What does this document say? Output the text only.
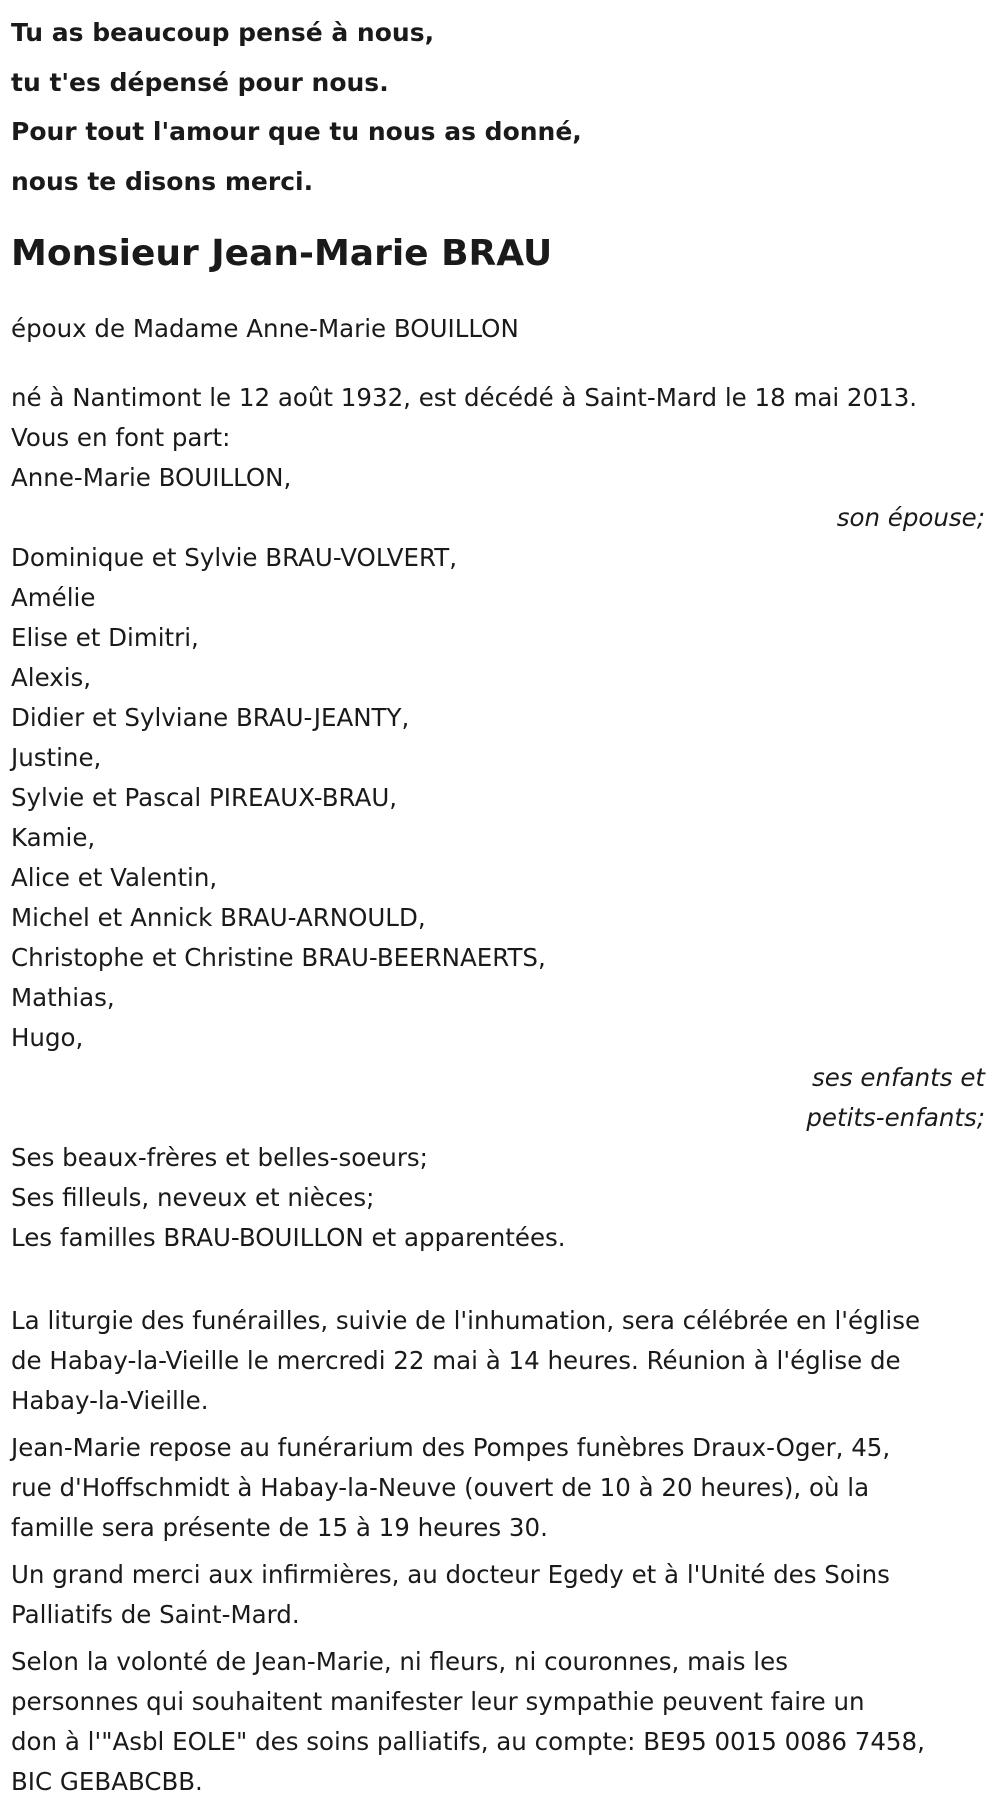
Tu as beaucoup pensé à nous,
tu t'es dépensé pour nous.
Pour tout l'amour que tu nous as donné,
nous te disons merci.
Monsieur Jean-Marie BRAU
époux de Madame Anne-Marie BOUILLON
né à Nantimont le 12 août 1932, est décédé à Saint-Mard le 18 mai 2013.
Vous en font part:
Anne-Marie BOUILLON,
son épouse;
Dominique et Sylvie BRAU-VOLVERT,
Amélie
Elise et Dimitri,
Alexis,
Didier et Sylviane BRAU-JEANTY,
Justine,
Sylvie et Pascal PIREAUX-BRAU,
Kamie,
Alice et Valentin,
Michel et Annick BRAU-ARNOULD,
Christophe et Christine BRAU-BEERNAERTS,
Mathias,
Hugo,
ses enfants et
petits-enfants;
Ses beaux-frères et belles-soeurs;
Ses filleuls, neveux et nièces;
Les familles BRAU-BOUILLON et apparentées.
La liturgie des funérailles, suivie de l'inhumation, sera célébrée en l'église
de Habay-la-Vieille le mercredi 22 mai à 14 heures. Réunion à l'église de
Habay-la-Vieille.
Jean-Marie repose au funérarium des Pompes funèbres Draux-Oger, 45,
rue d'Hoffschmidt à Habay-la-Neuve (ouvert de 10 à 20 heures), où la
famille sera présente de 15 à 19 heures 30.
Un grand merci aux infirmières, au docteur Egedy et à l'Unité des Soins
Palliatifs de Saint-Mard.
Selon la volonté de Jean-Marie, ni fleurs, ni couronnes, mais les
personnes qui souhaitent manifester leur sympathie peuvent faire un
don à l'"Asbl EOLE" des soins palliatifs, au compte: BE95 0015 0086 7458,
BIC GEBABCBB.
